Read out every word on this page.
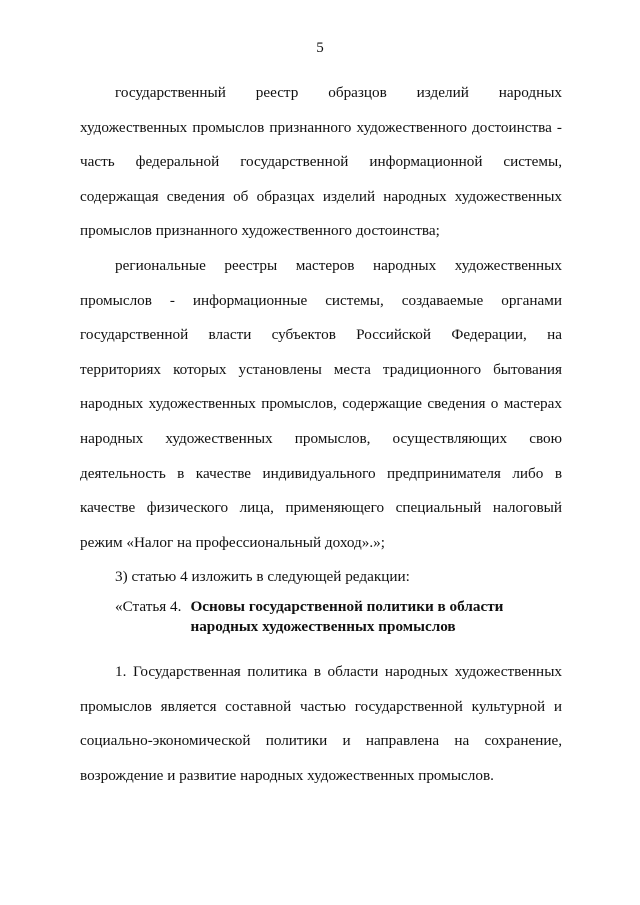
5

государственный реестр образцов изделий народных художественных промыслов признанного художественного достоинства - часть федеральной государственной информационной системы, содержащая сведения об образцах изделий народных художественных промыслов признанного художественного достоинства;

региональные реестры мастеров народных художественных промыслов - информационные системы, создаваемые органами государственной власти субъектов Российской Федерации, на территориях которых установлены места традиционного бытования народных художественных промыслов, содержащие сведения о мастерах народных художественных промыслов, осуществляющих свою деятельность в качестве индивидуального предпринимателя либо в качестве физического лица, применяющего специальный налоговый режим «Налог на профессиональный доход».»;

3) статью 4 изложить в следующей редакции:

«Статья 4. Основы государственной политики в области народных художественных промыслов

1. Государственная политика в области народных художественных промыслов является составной частью государственной культурной и социально-экономической политики и направлена на сохранение, возрождение и развитие народных художественных промыслов.
